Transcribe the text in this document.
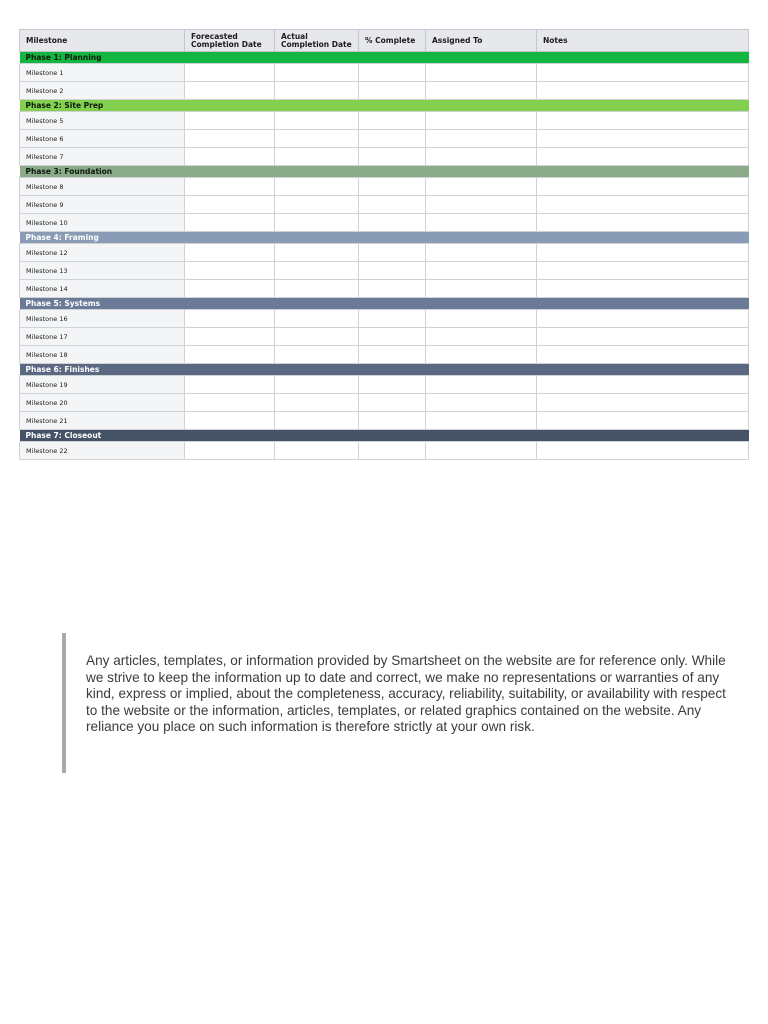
Milestone	Forecasted Completion Date	Actual Completion Date	% Complete	Assigned To	Notes
Phase 1: Planning					
Milestone 1					
Milestone 2					
Phase 2: Site Prep					
Milestone 5					
Milestone 6					
Milestone 7					
Phase 3: Foundation					
Milestone 8					
Milestone 9					
Milestone 10					
Phase 4: Framing					
Milestone 12					
Milestone 13					
Milestone 14					
Phase 5: Systems					
Milestone 16					
Milestone 17					
Milestone 18					
Phase 6: Finishes					
Milestone 19					
Milestone 20					
Milestone 21					
Phase 7: Closeout					
Milestone 22					
Any articles, templates, or information provided by Smartsheet on the website are for reference only. While we strive to keep the information up to date and correct, we make no representations or warranties of any kind, express or implied, about the completeness, accuracy, reliability, suitability, or availability with respect to the website or the information, articles, templates, or related graphics contained on the website. Any reliance you place on such information is therefore strictly at your own risk.
